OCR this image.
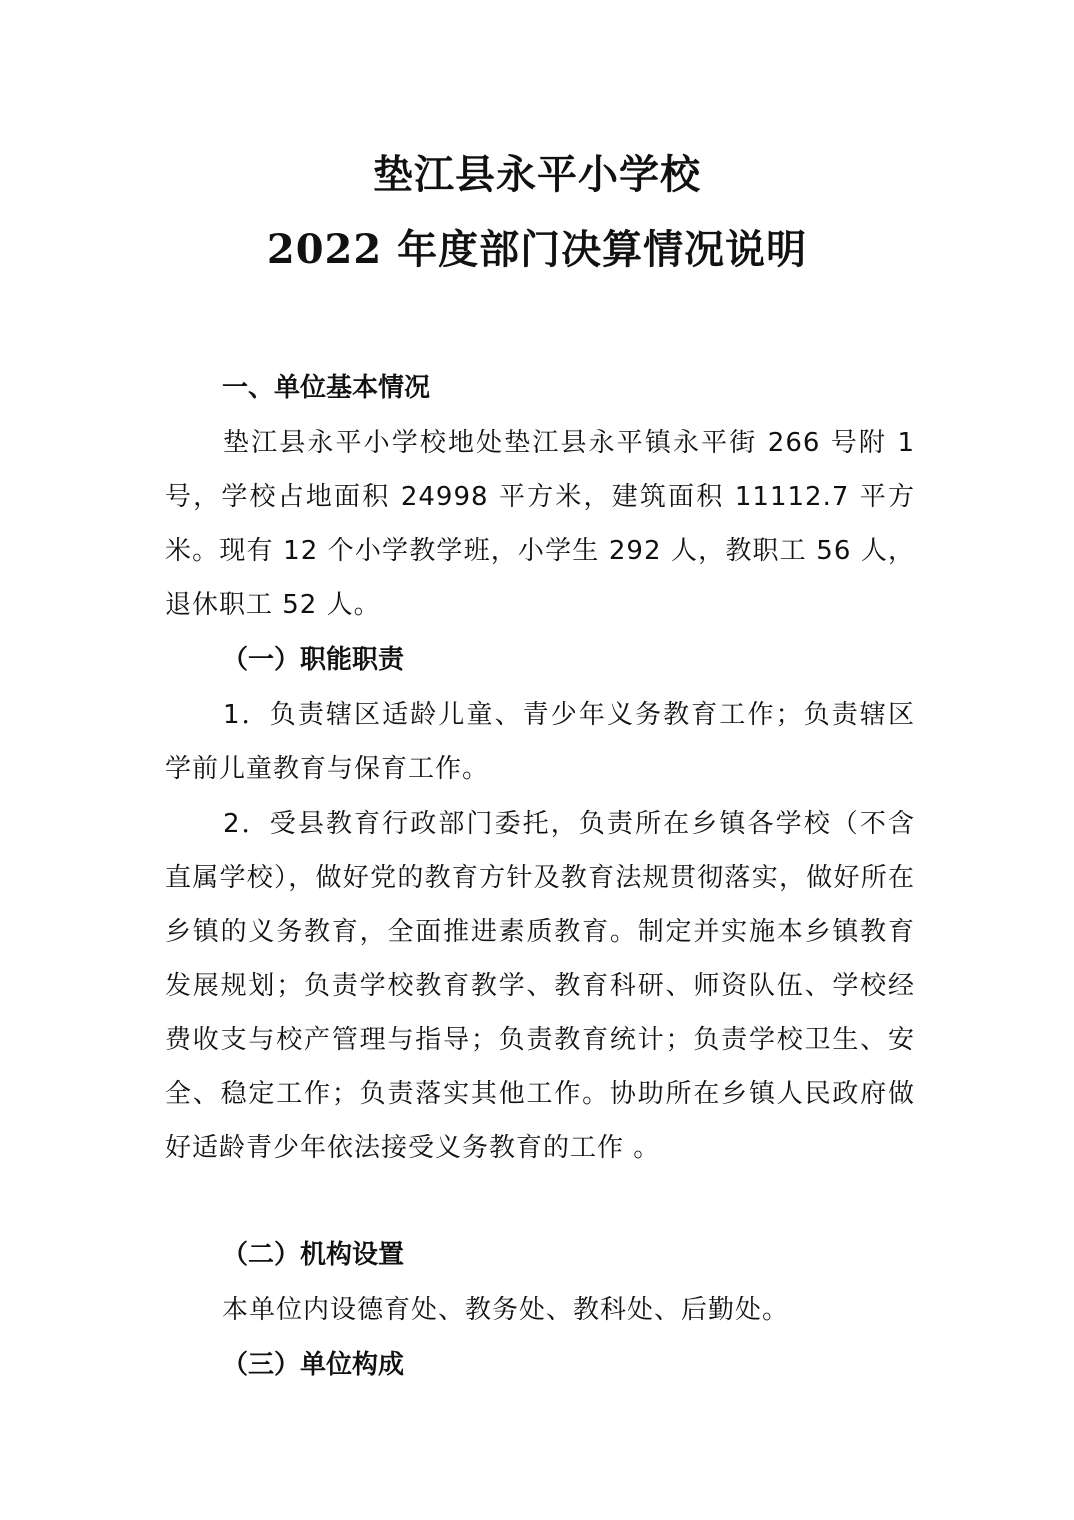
垫江县永平小学校
2022 年度部门决算情况说明
一、单位基本情况
垫江县永平小学校地处垫江县永平镇永平街 266 号附 1 号，学校占地面积 24998 平方米，建筑面积 11112.7 平方米。现有 12 个小学教学班，小学生 292 人，教职工 56 人，退休职工 52 人。
（一）职能职责
1．负责辖区适龄儿童、青少年义务教育工作；负责辖区学前儿童教育与保育工作。
2．受县教育行政部门委托，负责所在乡镇各学校（不含直属学校），做好党的教育方针及教育法规贯彻落实，做好所在乡镇的义务教育，全面推进素质教育。制定并实施本乡镇教育发展规划；负责学校教育教学、教育科研、师资队伍、学校经费收支与校产管理与指导；负责教育统计；负责学校卫生、安全、稳定工作；负责落实其他工作。协助所在乡镇人民政府做好适龄青少年依法接受义务教育的工作 。
（二）机构设置
本单位内设德育处、教务处、教科处、后勤处。
（三）单位构成
